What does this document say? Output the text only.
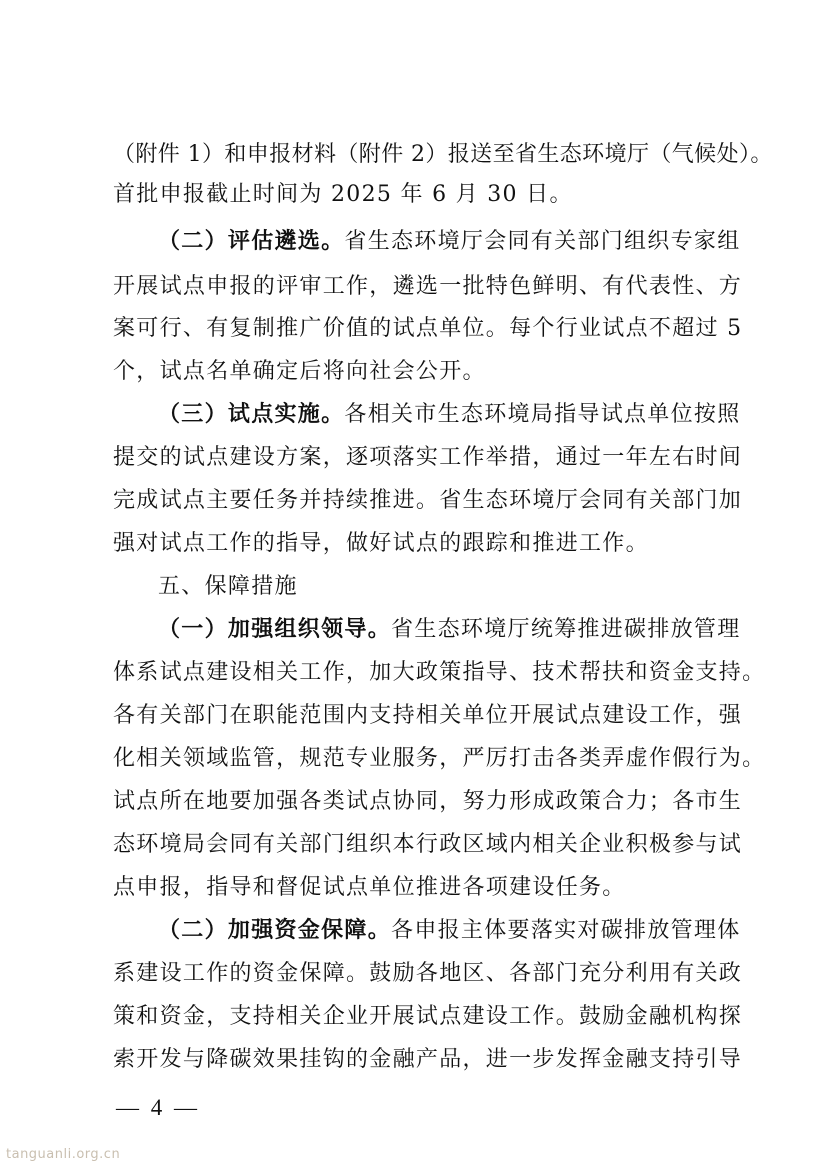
（附件 1）和申报材料（附件 2）报送至省生态环境厅（气候处）。
首批申报截止时间为 2025 年 6 月 30 日。
（二）评估遴选。省生态环境厅会同有关部门组织专家组
开展试点申报的评审工作，遴选一批特色鲜明、有代表性、方
案可行、有复制推广价值的试点单位。每个行业试点不超过 5
个，试点名单确定后将向社会公开。
（三）试点实施。各相关市生态环境局指导试点单位按照
提交的试点建设方案，逐项落实工作举措，通过一年左右时间
完成试点主要任务并持续推进。省生态环境厅会同有关部门加
强对试点工作的指导，做好试点的跟踪和推进工作。
五、保障措施
（一）加强组织领导。省生态环境厅统筹推进碳排放管理
体系试点建设相关工作，加大政策指导、技术帮扶和资金支持。
各有关部门在职能范围内支持相关单位开展试点建设工作，强
化相关领域监管，规范专业服务，严厉打击各类弄虚作假行为。
试点所在地要加强各类试点协同，努力形成政策合力；各市生
态环境局会同有关部门组织本行政区域内相关企业积极参与试
点申报，指导和督促试点单位推进各项建设任务。
（二）加强资金保障。各申报主体要落实对碳排放管理体
系建设工作的资金保障。鼓励各地区、各部门充分利用有关政
策和资金，支持相关企业开展试点建设工作。鼓励金融机构探
索开发与降碳效果挂钩的金融产品，进一步发挥金融支持引导
— 4 —
tanguanli.org.cn
